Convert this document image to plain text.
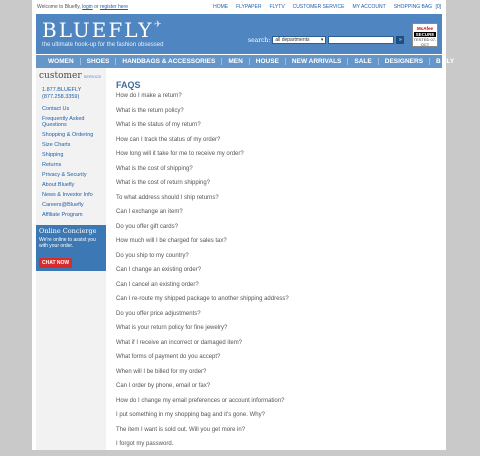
Welcome to Bluefly, login or register here	HOME FLYPAPER FLYTV CUSTOMER SERVICE MY ACCOUNT SHOPPING BAG [0]
BLUEFLY ✈
the ultimate hook-up for the fashion obsessed
search: all departments ▾	»
McAfee
SECURE
TESTED 07-OCT
WOMEN	SHOES	HANDBAGS & ACCESSORIES	MEN	HOUSE	NEW ARRIVALS	SALE	DESIGNERS	B FLY
customer SERVICE
1.877.BLUEFLY
(877.258.3359)
Contact Us
Frequently Asked Questions
Shopping & Ordering
Size Charts
Shipping
Returns
Privacy & Security
About Bluefly
News & Investor Info
Careers@Bluefly
Affiliate Program
Online Concierge
We're online to assist you with your order.
CHAT NOW
FAQS
How do I make a return?
What is the return policy?
What is the status of my return?
How can I track the status of my order?
How long will it take for me to receive my order?
What is the cost of shipping?
What is the cost of return shipping?
To what address should I ship returns?
Can I exchange an item?
Do you offer gift cards?
How much will I be charged for sales tax?
Do you ship to my country?
Can I change an existing order?
Can I cancel an existing order?
Can I re-route my shipped package to another shipping address?
Do you offer price adjustments?
What is your return policy for fine jewelry?
What if I receive an incorrect or damaged item?
What forms of payment do you accept?
When will I be billed for my order?
Can I order by phone, email or fax?
How do I change my email preferences or account information?
I put something in my shopping bag and it's gone. Why?
The item I want is sold out. Will you get more in?
I forgot my password.
